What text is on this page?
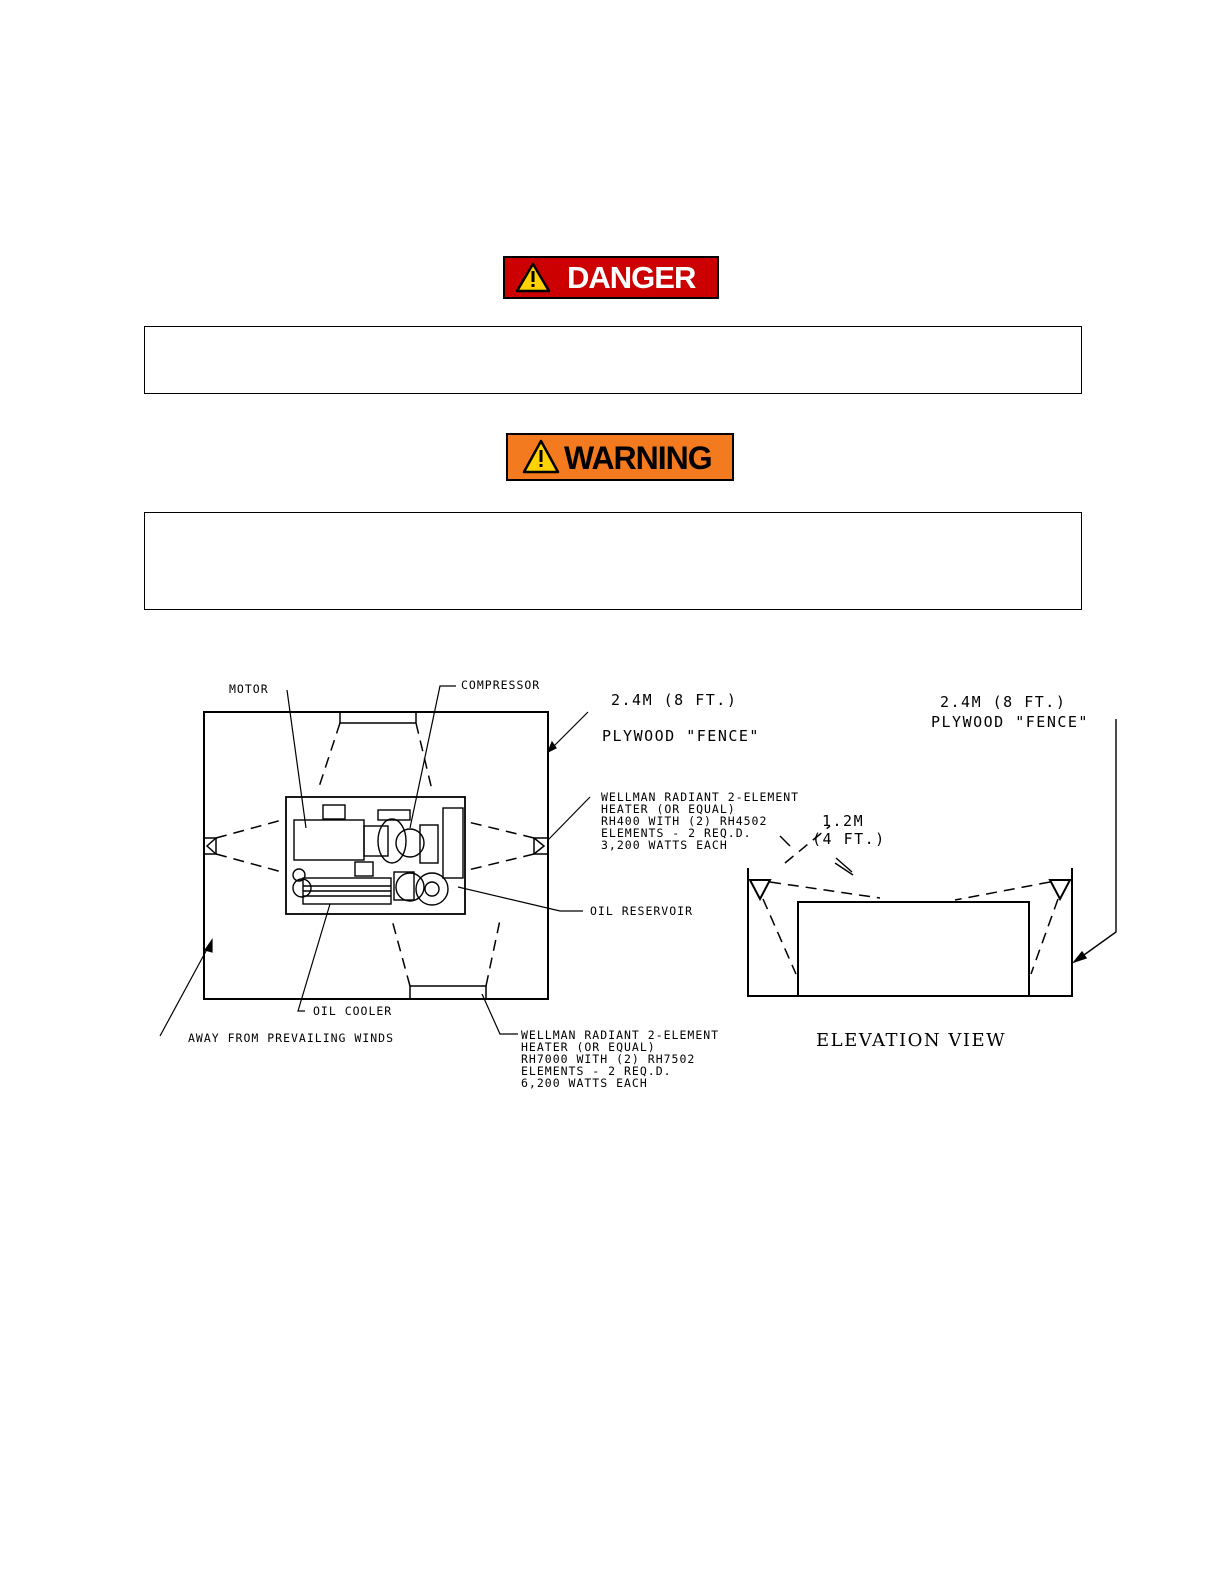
DANGER
WARNING
MOTOR	COMPRESSOR
2.4M (8 FT.)
PLYWOOD "FENCE"
WELLMAN RADIANT 2-ELEMENT
HEATER (OR EQUAL)
RH400 WITH (2) RH4502
ELEMENTS - 2 REQ.D.
3,200 WATTS EACH
OIL RESERVOIR
OIL COOLER
AWAY FROM PREVAILING WINDS	WELLMAN RADIANT 2-ELEMENT
HEATER (OR EQUAL)
RH7000 WITH (2) RH7502
ELEMENTS - 2 REQ.D.
6,200 WATTS EACH
2.4M (8 FT.)
PLYWOOD "FENCE"
1.2M
(4 FT.)
ELEVATION VIEW
